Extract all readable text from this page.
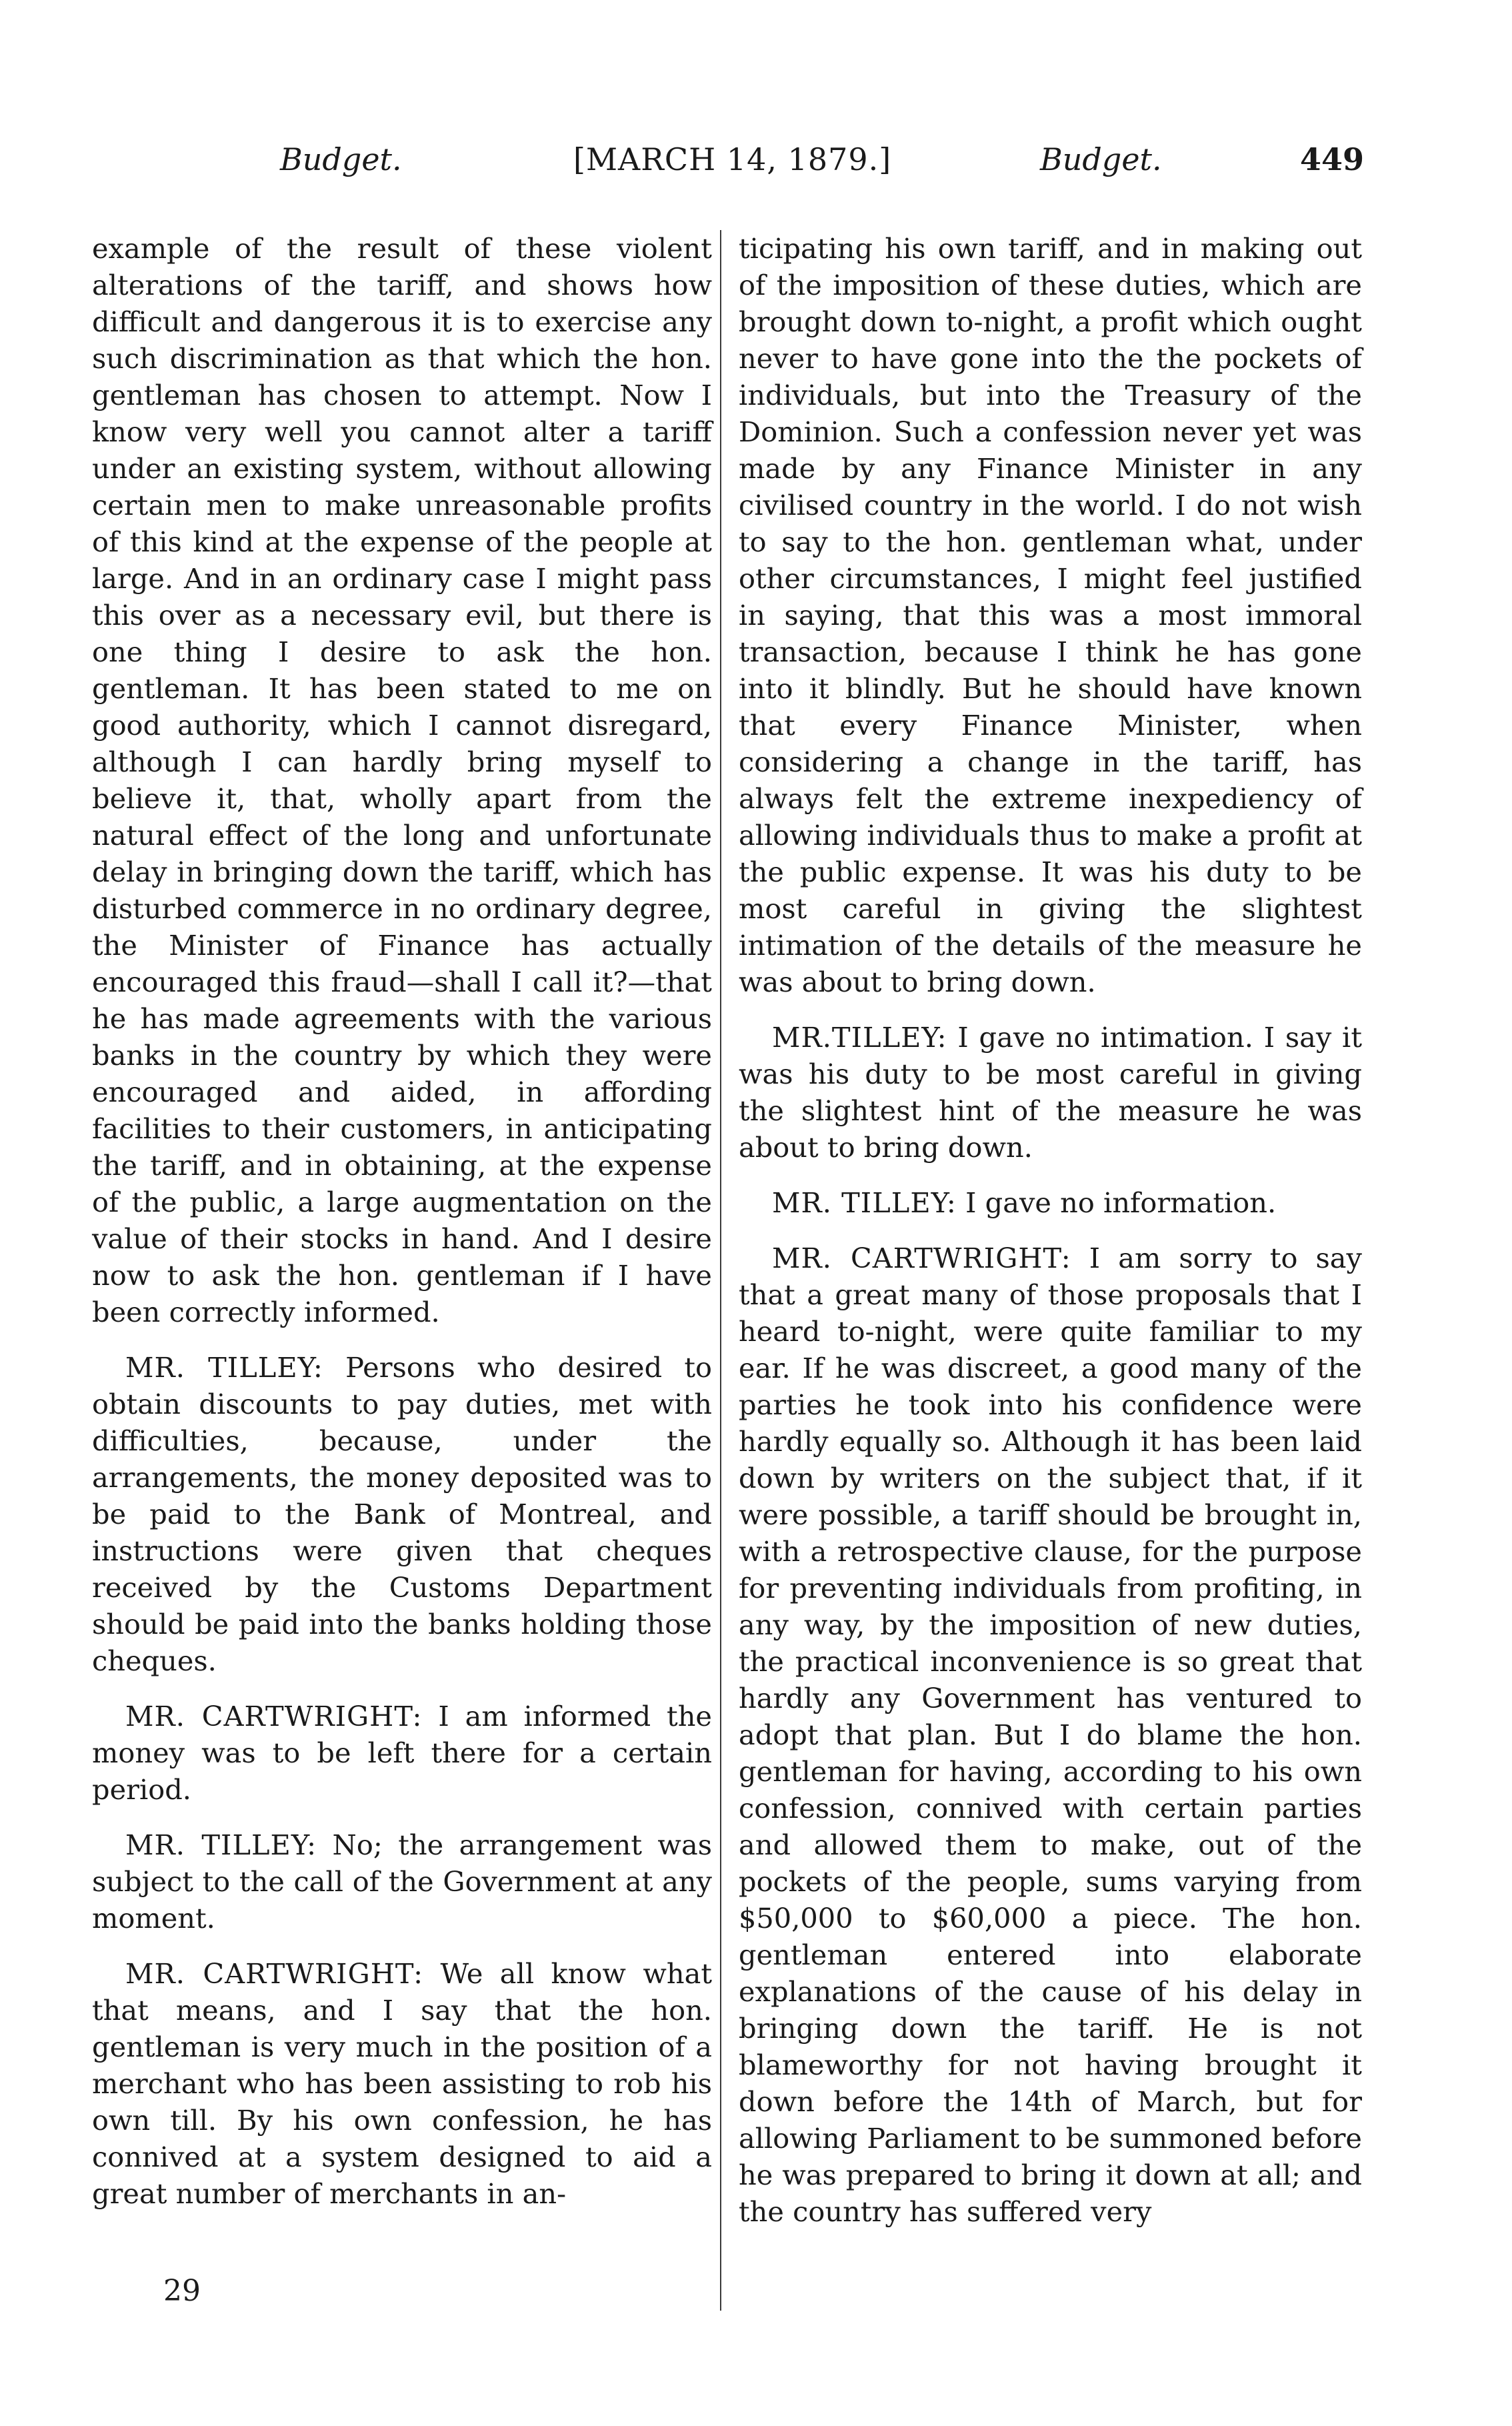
Budget.	[MARCH 14, 1879.]	Budget.	449

example of the result of these violent alterations of the tariff, and shows how difficult and dangerous it is to exercise any such discrimination as that which the hon. gentleman has chosen to attempt. Now I know very well you cannot alter a tariff under an existing system, without allowing certain men to make unreasonable profits of this kind at the expense of the people at large. And in an ordinary case I might pass this over as a necessary evil, but there is one thing I desire to ask the hon. gentleman. It has been stated to me on good authority, which I cannot disregard, although I can hardly bring myself to believe it, that, wholly apart from the natural effect of the long and unfortunate delay in bringing down the tariff, which has disturbed commerce in no ordinary degree, the Minister of Finance has actually encouraged this fraud—shall I call it?—that he has made agreements with the various banks in the country by which they were encouraged and aided, in affording facilities to their customers, in anticipating the tariff, and in obtaining, at the expense of the public, a large augmentation on the value of their stocks in hand. And I desire now to ask the hon. gentleman if I have been correctly informed.

MR. TILLEY: Persons who desired to obtain discounts to pay duties, met with difficulties, because, under the arrangements, the money deposited was to be paid to the Bank of Montreal, and instructions were given that cheques received by the Customs Department should be paid into the banks holding those cheques.

MR. CARTWRIGHT: I am informed the money was to be left there for a certain period.

MR. TILLEY: No; the arrangement was subject to the call of the Government at any moment.

MR. CARTWRIGHT: We all know what that means, and I say that the hon. gentleman is very much in the position of a merchant who has been assisting to rob his own till. By his own confession, he has connived at a system designed to aid a great number of merchants in an-

ticipating his own tariff, and in making out of the imposition of these duties, which are brought down to-night, a profit which ought never to have gone into the the pockets of individuals, but into the Treasury of the Dominion. Such a confession never yet was made by any Finance Minister in any civilised country in the world. I do not wish to say to the hon. gentleman what, under other circumstances, I might feel justified in saying, that this was a most immoral transaction, because I think he has gone into it blindly. But he should have known that every Finance Minister, when considering a change in the tariff, has always felt the extreme inexpediency of allowing individuals thus to make a profit at the public expense. It was his duty to be most careful in giving the slightest intimation of the details of the measure he was about to bring down.

MR.TILLEY: I gave no intimation. I say it was his duty to be most careful in giving the slightest hint of the measure he was about to bring down.

MR. TILLEY: I gave no information.

MR. CARTWRIGHT: I am sorry to say that a great many of those proposals that I heard to-night, were quite familiar to my ear. If he was discreet, a good many of the parties he took into his confidence were hardly equally so. Although it has been laid down by writers on the subject that, if it were possible, a tariff should be brought in, with a retrospective clause, for the purpose for preventing individuals from profiting, in any way, by the imposition of new duties, the practical inconvenience is so great that hardly any Government has ventured to adopt that plan. But I do blame the hon. gentleman for having, according to his own confession, connived with certain parties and allowed them to make, out of the pockets of the people, sums varying from $50,000 to $60,000 a piece. The hon. gentleman entered into elaborate explanations of the cause of his delay in bringing down the tariff. He is not blameworthy for not having brought it down before the 14th of March, but for allowing Parliament to be summoned before he was prepared to bring it down at all; and the country has suffered very

29
